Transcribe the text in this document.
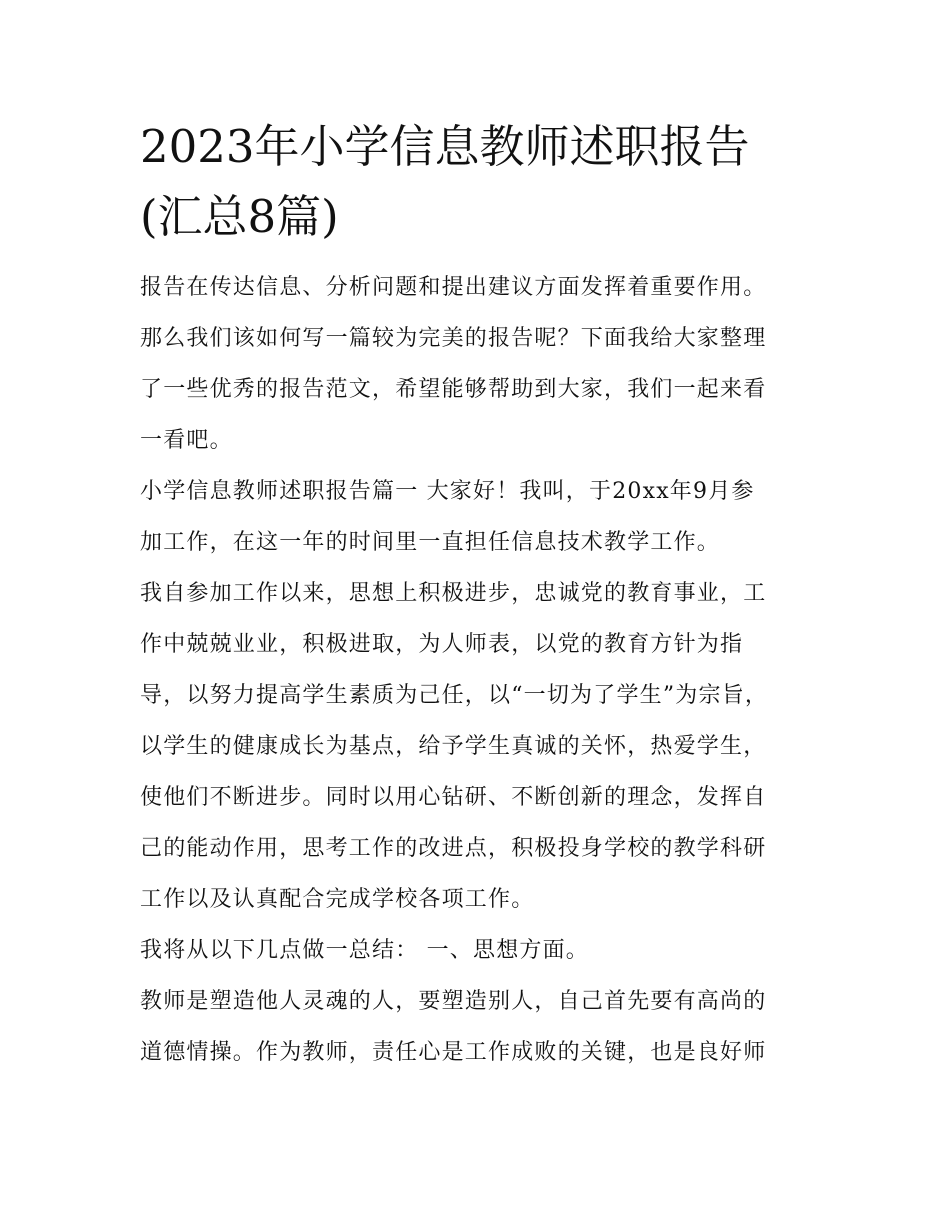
2023年小学信息教师述职报告
(汇总8篇)

报告在传达信息、分析问题和提出建议方面发挥着重要作用。
那么我们该如何写一篇较为完美的报告呢？下面我给大家整理
了一些优秀的报告范文，希望能够帮助到大家，我们一起来看
一看吧。

小学信息教师述职报告篇一 大家好！我叫，于20xx年9月参
加工作，在这一年的时间里一直担任信息技术教学工作。

我自参加工作以来，思想上积极进步，忠诚党的教育事业，工
作中兢兢业业，积极进取，为人师表，以党的教育方针为指
导，以努力提高学生素质为己任，以“一切为了学生”为宗旨，
以学生的健康成长为基点，给予学生真诚的关怀，热爱学生，
使他们不断进步。同时以用心钻研、不断创新的理念，发挥自
己的能动作用，思考工作的改进点，积极投身学校的教学科研
工作以及认真配合完成学校各项工作。

我将从以下几点做一总结： 一、思想方面。

教师是塑造他人灵魂的人，要塑造别人，自己首先要有高尚的
道德情操。作为教师，责任心是工作成败的关键，也是良好师
